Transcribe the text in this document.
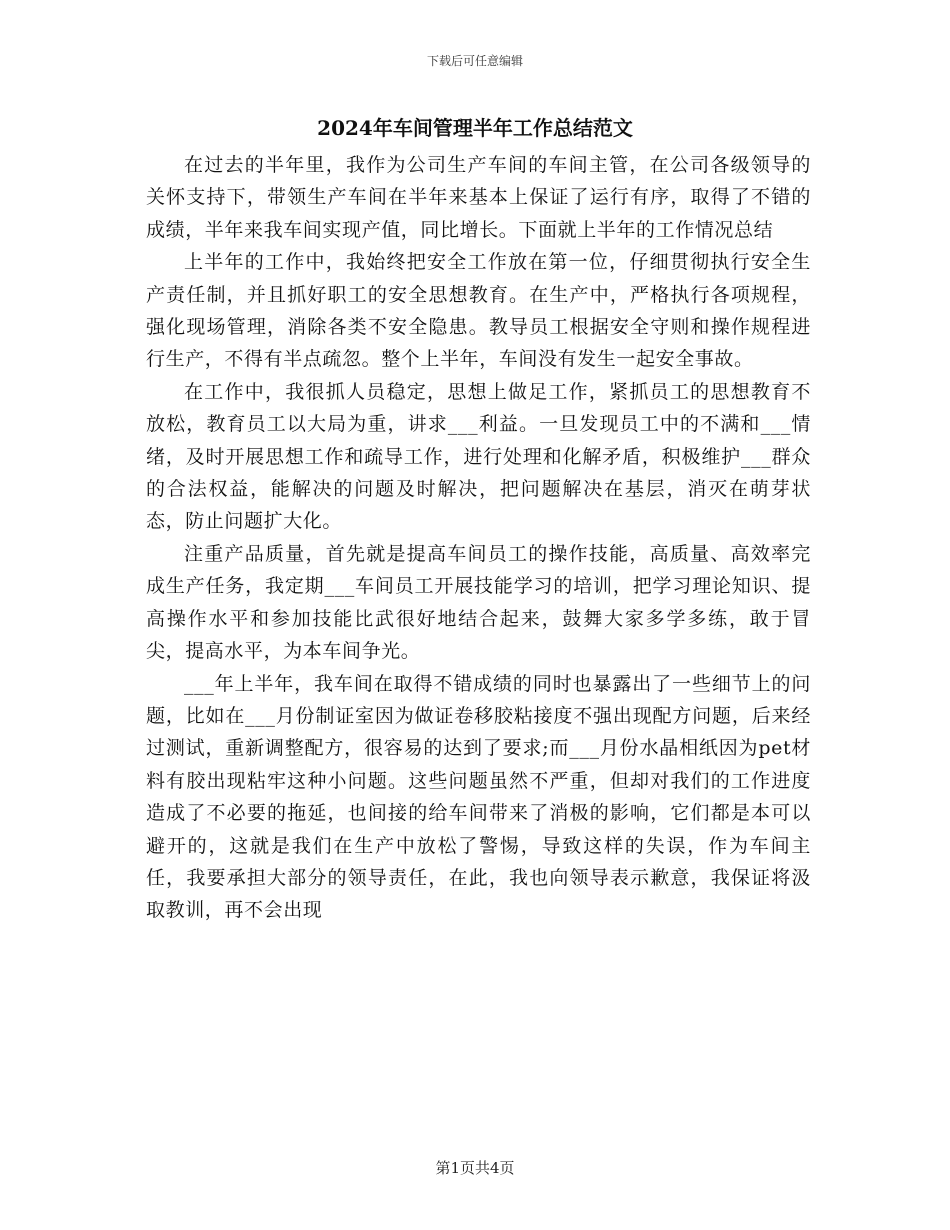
下载后可任意编辑
2024年车间管理半年工作总结范文

在过去的半年里，我作为公司生产车间的车间主管，在公司各级领导的关怀支持下，带领生产车间在半年来基本上保证了运行有序，取得了不错的成绩，半年来我车间实现产值，同比增长。下面就上半年的工作情况总结

上半年的工作中，我始终把安全工作放在第一位，仔细贯彻执行安全生产责任制，并且抓好职工的安全思想教育。在生产中，严格执行各项规程，强化现场管理，消除各类不安全隐患。教导员工根据安全守则和操作规程进行生产，不得有半点疏忽。整个上半年，车间没有发生一起安全事故。

在工作中，我很抓人员稳定，思想上做足工作，紧抓员工的思想教育不放松，教育员工以大局为重，讲求___利益。一旦发现员工中的不满和___情绪，及时开展思想工作和疏导工作，进行处理和化解矛盾，积极维护___群众的合法权益，能解决的问题及时解决，把问题解决在基层，消灭在萌芽状态，防止问题扩大化。

注重产品质量，首先就是提高车间员工的操作技能，高质量、高效率完成生产任务，我定期___车间员工开展技能学习的培训，把学习理论知识、提高操作水平和参加技能比武很好地结合起来，鼓舞大家多学多练，敢于冒尖，提高水平，为本车间争光。

___年上半年，我车间在取得不错成绩的同时也暴露出了一些细节上的问题，比如在___月份制证室因为做证卷移胶粘接度不强出现配方问题，后来经过测试，重新调整配方，很容易的达到了要求;而___月份水晶相纸因为pet材料有胶出现粘牢这种小问题。这些问题虽然不严重，但却对我们的工作进度造成了不必要的拖延，也间接的给车间带来了消极的影响，它们都是本可以避开的，这就是我们在生产中放松了警惕，导致这样的失误，作为车间主任，我要承担大部分的领导责任，在此，我也向领导表示歉意，我保证将汲取教训，再不会出现

第1页共4页
